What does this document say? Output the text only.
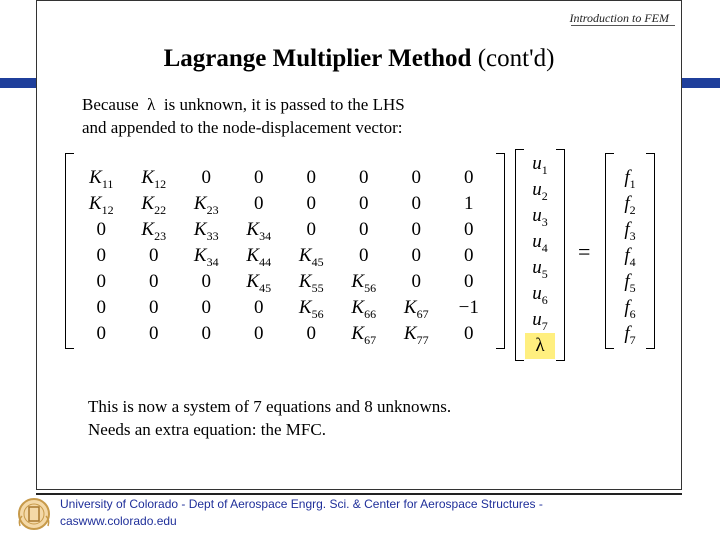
Introduction to FEM
Lagrange Multiplier Method (cont'd)
Because λ is unknown, it is passed to the LHS
and appended to the node-displacement vector:
$K_{11}$	$K_{12}$	0	0	0	0	0	0
$K_{12}$	$K_{22}$	$K_{23}$	0	0	0	0	1
0	$K_{23}$	$K_{33}$	$K_{34}$	0	0	0	0
0	0	$K_{34}$	$K_{44}$	$K_{45}$	0	0	0
0	0	0	$K_{45}$	$K_{55}$	$K_{56}$	0	0
0	0	0	0	$K_{56}$	$K_{66}$	$K_{67}$	−1
0	0	0	0	0	$K_{67}$	$K_{77}$	0
$u_1$
$u_2$
$u_3$
$u_4$
$u_5$
$u_6$
$u_7$
λ
=
$f_1$
$f_2$
$f_3$
$f_4$
$f_5$
$f_6$
$f_7$
This is now a system of 7 equations and 8 unknowns.
Needs an extra equation: the MFC.
University of Colorado - Dept of Aerospace Engrg. Sci. & Center for Aerospace Structures -
caswww.colorado.edu
